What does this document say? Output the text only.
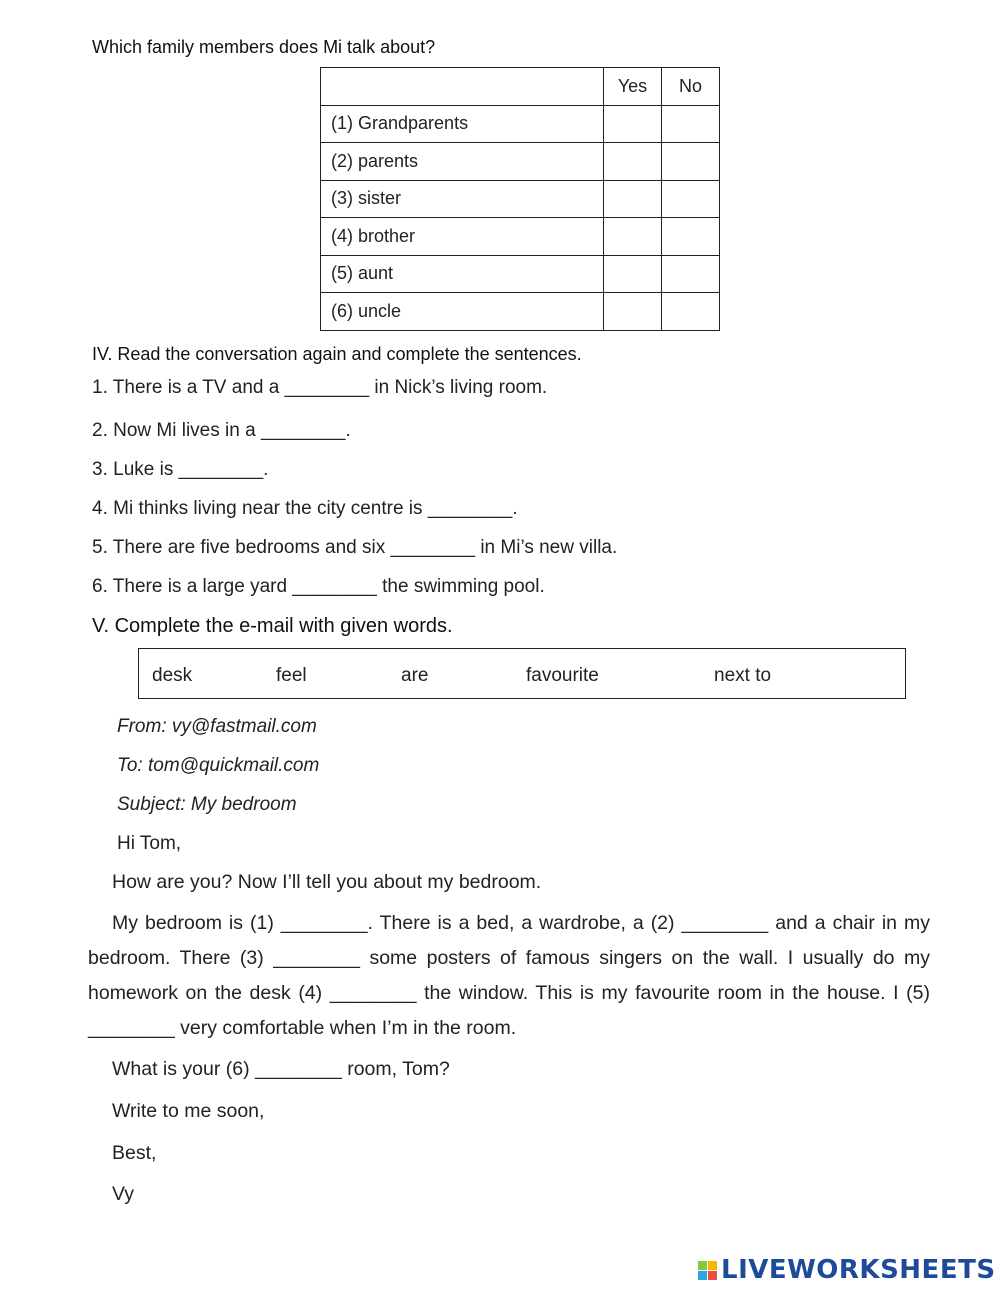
Which family members does Mi talk about?
	Yes	No
(1) Grandparents		
(2) parents		
(3) sister		
(4) brother		
(5) aunt		
(6) uncle		
IV. Read the conversation again and complete the sentences.
1. There is a TV and a ________ in Nick’s living room.
2. Now Mi lives in a ________.
3. Luke is ________.
4. Mi thinks living near the city centre is ________.
5. There are five bedrooms and six ________ in Mi’s new villa.
6. There is a large yard ________ the swimming pool.
V. Complete the e-mail with given words.
desk	feel	are	favourite	next to
From: vy@fastmail.com
To: tom@quickmail.com
Subject: My bedroom
Hi Tom,
How are you? Now I’ll tell you about my bedroom.

My bedroom is (1) ________. There is a bed, a wardrobe, a (2) ________ and a chair in my bedroom. There (3) ________ some posters of famous singers on the wall. I usually do my homework on the desk (4) ________ the window. This is my favourite room in the house. I (5) ________ very comfortable when I’m in the room.

What is your (6) ________ room, Tom?
Write to me soon,
Best,
Vy
LIVEWORKSHEETS
